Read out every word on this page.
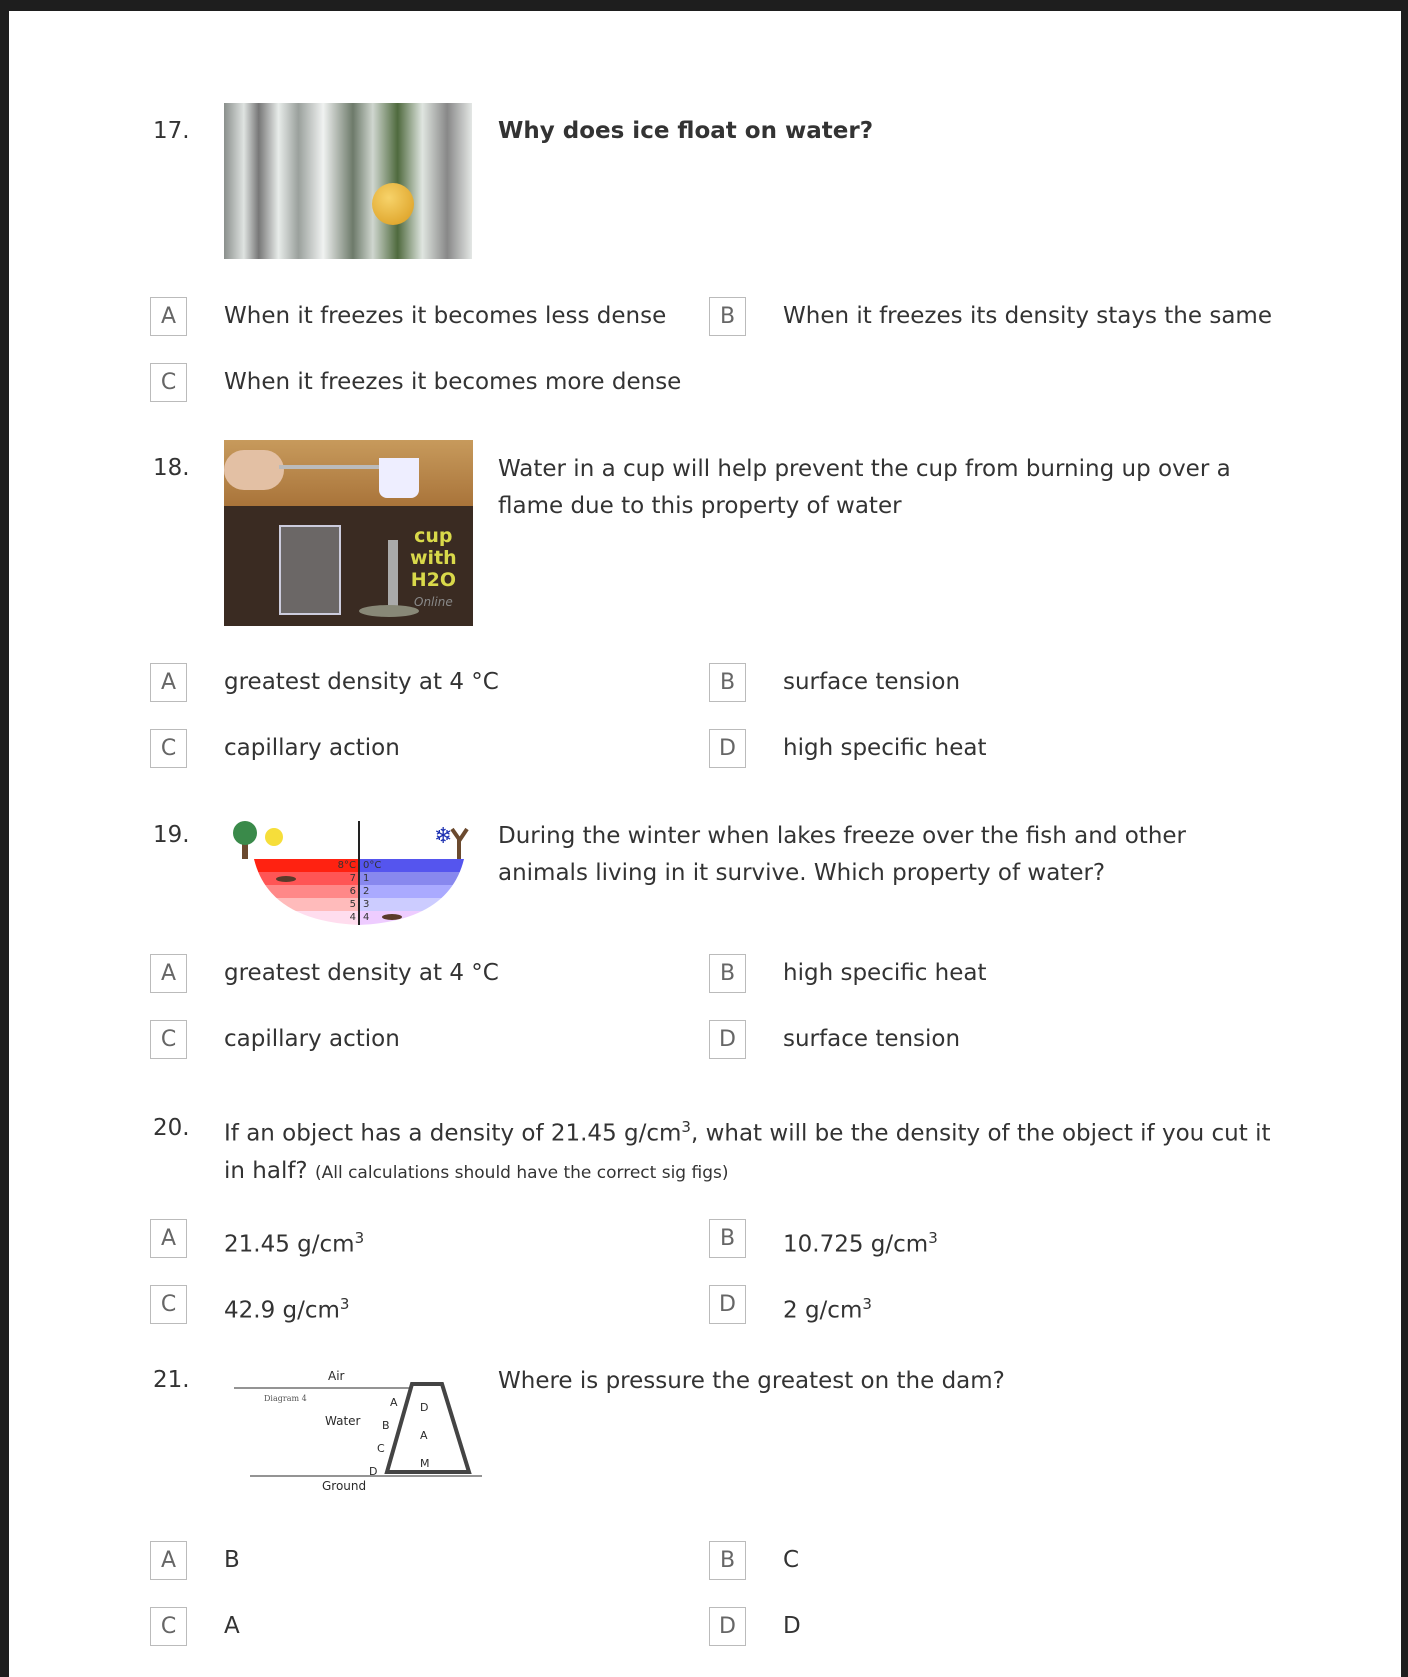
17.	Why does ice float on water?
A	When it freezes it becomes less dense	B	When it freezes its density stays the same
C	When it freezes it becomes more dense
18.
cup
with
H2O
Online
Water in a cup will help prevent the cup from burning up over a flame due to this property of water
A	greatest density at 4 °C	B	surface tension
C	capillary action	D	high specific heat
19.	❄
8°C
7
6
5
4
0°C
1
2
3
4
During the winter when lakes freeze over the fish and other animals living in it survive. Which property of water?
A	greatest density at 4 °C	B	high specific heat
C	capillary action	D	surface tension
20. If an object has a density of 21.45 $g/cm^3$, what will be the density of the object if you cut it in half? (All calculations should have the correct sig figs)
A	21.45 $g/cm^3$	B	10.725 $g/cm^3$
C	42.9 $g/cm^3$	D	2 $g/cm^3$
21.	Air
Diagram 4
Water
Ground
A
B
C
D
D
A
M
Where is pressure the greatest on the dam?
A	B	B	C
C	A	D	D
